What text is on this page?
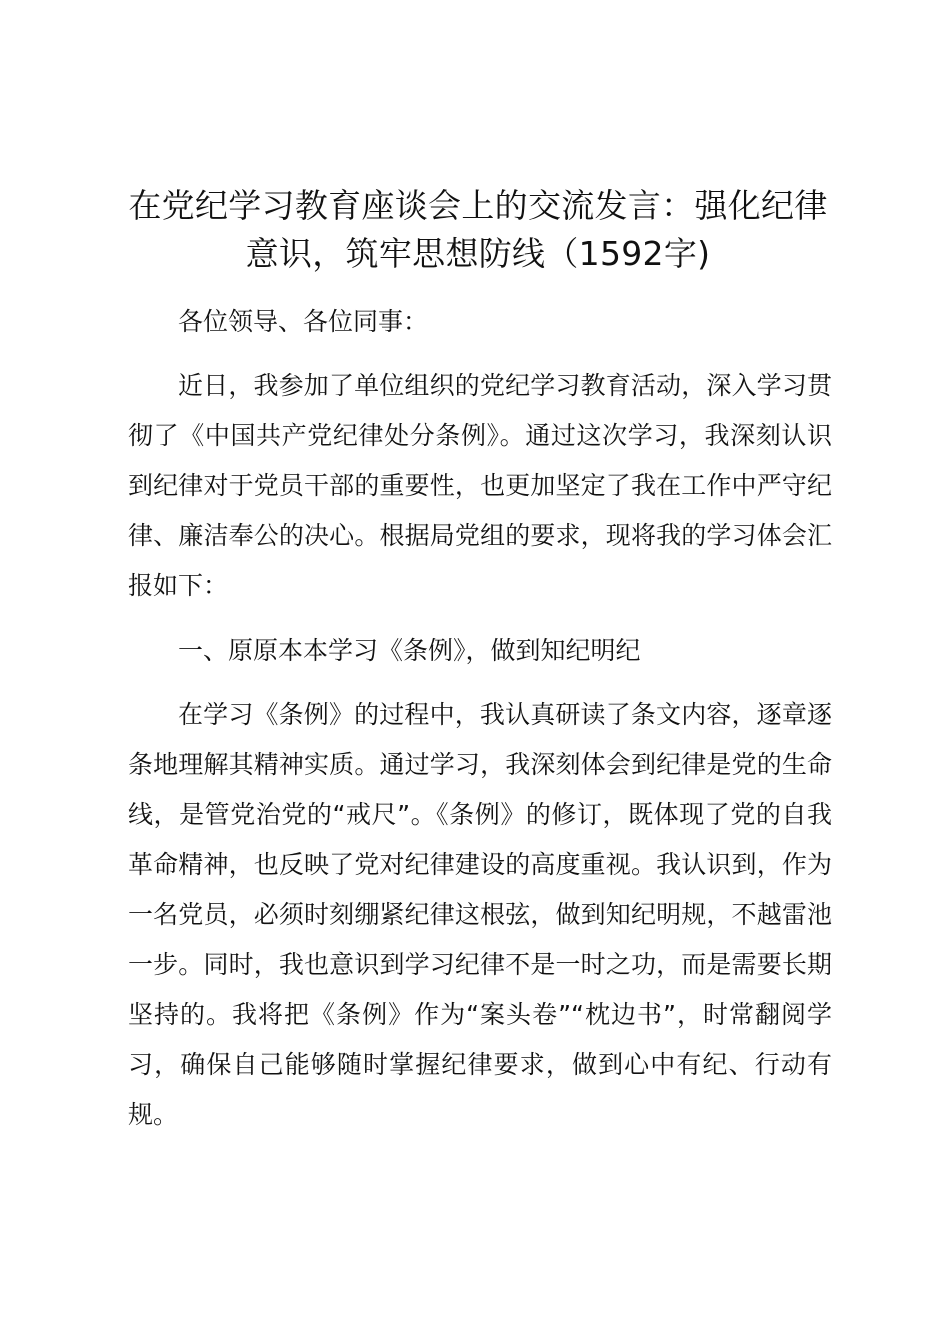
在党纪学习教育座谈会上的交流发言：强化纪律意识，筑牢思想防线（1592字)

各位领导、各位同事：

近日，我参加了单位组织的党纪学习教育活动，深入学习贯彻了《中国共产党纪律处分条例》。通过这次学习，我深刻认识到纪律对于党员干部的重要性，也更加坚定了我在工作中严守纪律、廉洁奉公的决心。根据局党组的要求，现将我的学习体会汇报如下：

一、原原本本学习《条例》，做到知纪明纪

在学习《条例》的过程中，我认真研读了条文内容，逐章逐条地理解其精神实质。通过学习，我深刻体会到纪律是党的生命线，是管党治党的“戒尺”。《条例》的修订，既体现了党的自我革命精神，也反映了党对纪律建设的高度重视。我认识到，作为一名党员，必须时刻绷紧纪律这根弦，做到知纪明规，不越雷池一步。同时，我也意识到学习纪律不是一时之功，而是需要长期坚持的。我将把《条例》作为“案头卷”“枕边书”，时常翻阅学习，确保自己能够随时掌握纪律要求，做到心中有纪、行动有规。
